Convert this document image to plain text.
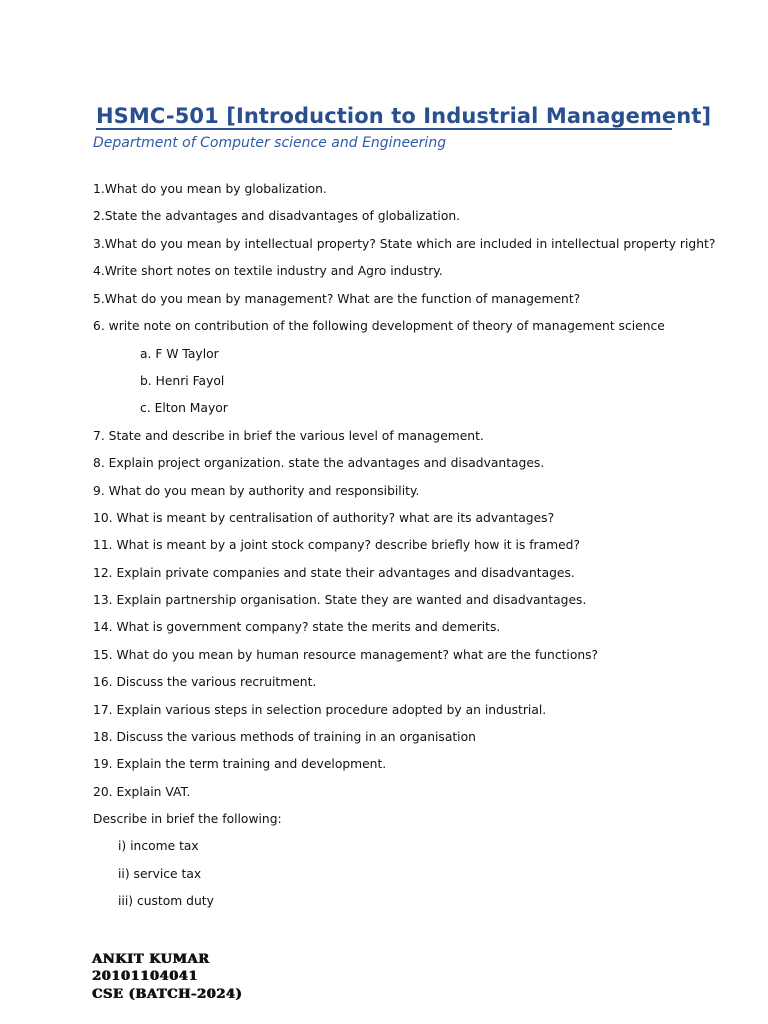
HSMC-501 [Introduction to Industrial Management]

Department of Computer science and Engineering

1.What do you mean by globalization.

2.State the advantages and disadvantages of globalization.

3.What do you mean by intellectual property? State which are included in intellectual property right?

4.Write short notes on textile industry and Agro industry.

5.What do you mean by management? What are the function of management?

6. write note on contribution of the following development of theory of management science

a. F W Taylor

b. Henri Fayol

c. Elton Mayor

7. State and describe in brief the various level of management.

8. Explain project organization. state the advantages and disadvantages.

9. What do you mean by authority and responsibility.

10. What is meant by centralisation of authority? what are its advantages?

11. What is meant by a joint stock company? describe briefly how it is framed?

12. Explain private companies and state their advantages and disadvantages.

13. Explain partnership organisation. State they are wanted and disadvantages.

14. What is government company? state the merits and demerits.

15. What do you mean by human resource management? what are the functions?

16. Discuss the various recruitment.

17. Explain various steps in selection procedure adopted by an industrial.

18. Discuss the various methods of training in an organisation

19. Explain the term training and development.

20. Explain VAT.

Describe in brief the following:

i) income tax

ii) service tax

iii) custom duty

ANKIT KUMAR

20101104041

CSE (BATCH-2024)
